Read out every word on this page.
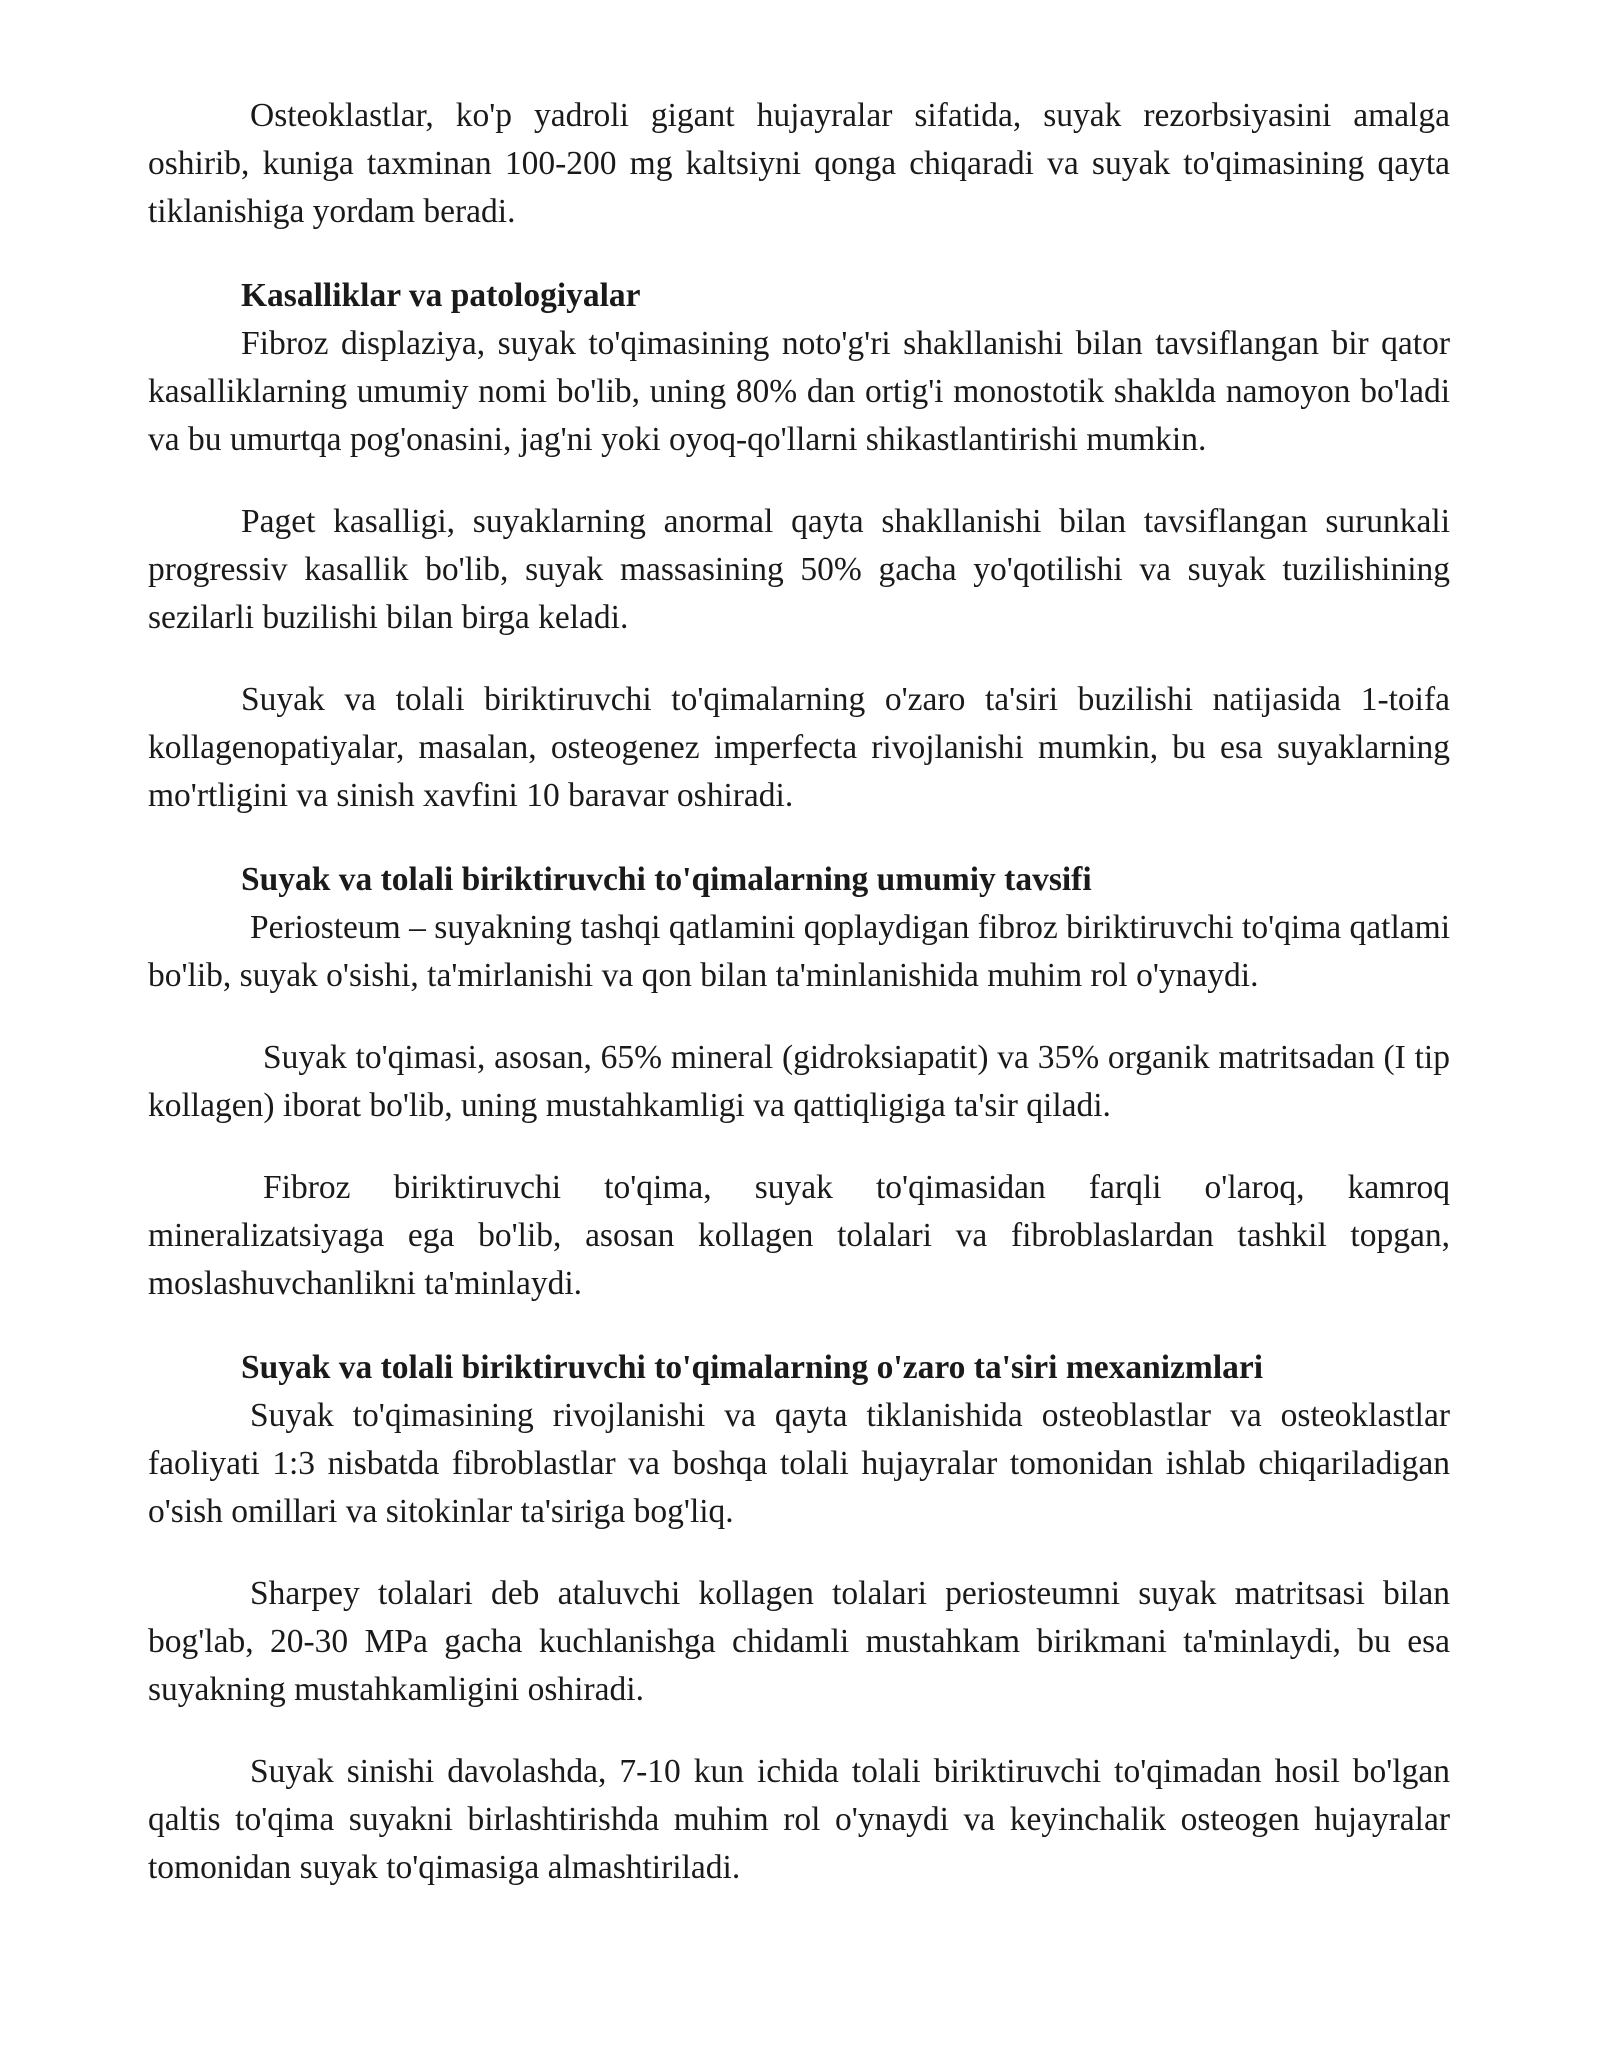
Osteoklastlar, ko'p yadroli gigant hujayralar sifatida, suyak rezorbsiyasini amalga oshirib, kuniga taxminan 100-200 mg kaltsiyni qonga chiqaradi va suyak to'qimasining qayta tiklanishiga yordam beradi.

Kasalliklar va patologiyalar

Fibroz displaziya, suyak to'qimasining noto'g'ri shakllanishi bilan tavsiflangan bir qator kasalliklarning umumiy nomi bo'lib, uning 80% dan ortig'i monostotik shaklda namoyon bo'ladi va bu umurtqa pog'onasini, jag'ni yoki oyoq-qo'llarni shikastlantirishi mumkin.

Paget kasalligi, suyaklarning anormal qayta shakllanishi bilan tavsiflangan surunkali progressiv kasallik bo'lib, suyak massasining 50% gacha yo'qotilishi va suyak tuzilishining sezilarli buzilishi bilan birga keladi.

Suyak va tolali biriktiruvchi to'qimalarning o'zaro ta'siri buzilishi natijasida 1-toifa kollagenopatiyalar, masalan, osteogenez imperfecta rivojlanishi mumkin, bu esa suyaklarning mo'rtligini va sinish xavfini 10 baravar oshiradi.

Suyak va tolali biriktiruvchi to'qimalarning umumiy tavsifi

Periosteum – suyakning tashqi qatlamini qoplaydigan fibroz biriktiruvchi to'qima qatlami bo'lib, suyak o'sishi, ta'mirlanishi va qon bilan ta'minlanishida muhim rol o'ynaydi.

Suyak to'qimasi, asosan, 65% mineral (gidroksiapatit) va 35% organik matritsadan (I tip kollagen) iborat bo'lib, uning mustahkamligi va qattiqligiga ta'sir qiladi.

Fibroz biriktiruvchi to'qima, suyak to'qimasidan farqli o'laroq, kamroq mineralizatsiyaga ega bo'lib, asosan kollagen tolalari va fibroblaslardan tashkil topgan, moslashuvchanlikni ta'minlaydi.

Suyak va tolali biriktiruvchi to'qimalarning o'zaro ta'siri mexanizmlari

Suyak to'qimasining rivojlanishi va qayta tiklanishida osteoblastlar va osteoklastlar faoliyati 1:3 nisbatda fibroblastlar va boshqa tolali hujayralar tomonidan ishlab chiqariladigan o'sish omillari va sitokinlar ta'siriga bog'liq.

Sharpey tolalari deb ataluvchi kollagen tolalari periosteumni suyak matritsasi bilan bog'lab, 20-30 MPa gacha kuchlanishga chidamli mustahkam birikmani ta'minlaydi, bu esa suyakning mustahkamligini oshiradi.

Suyak sinishi davolashda, 7-10 kun ichida tolali biriktiruvchi to'qimadan hosil bo'lgan qaltis to'qima suyakni birlashtirishda muhim rol o'ynaydi va keyinchalik osteogen hujayralar tomonidan suyak to'qimasiga almashtiriladi.
